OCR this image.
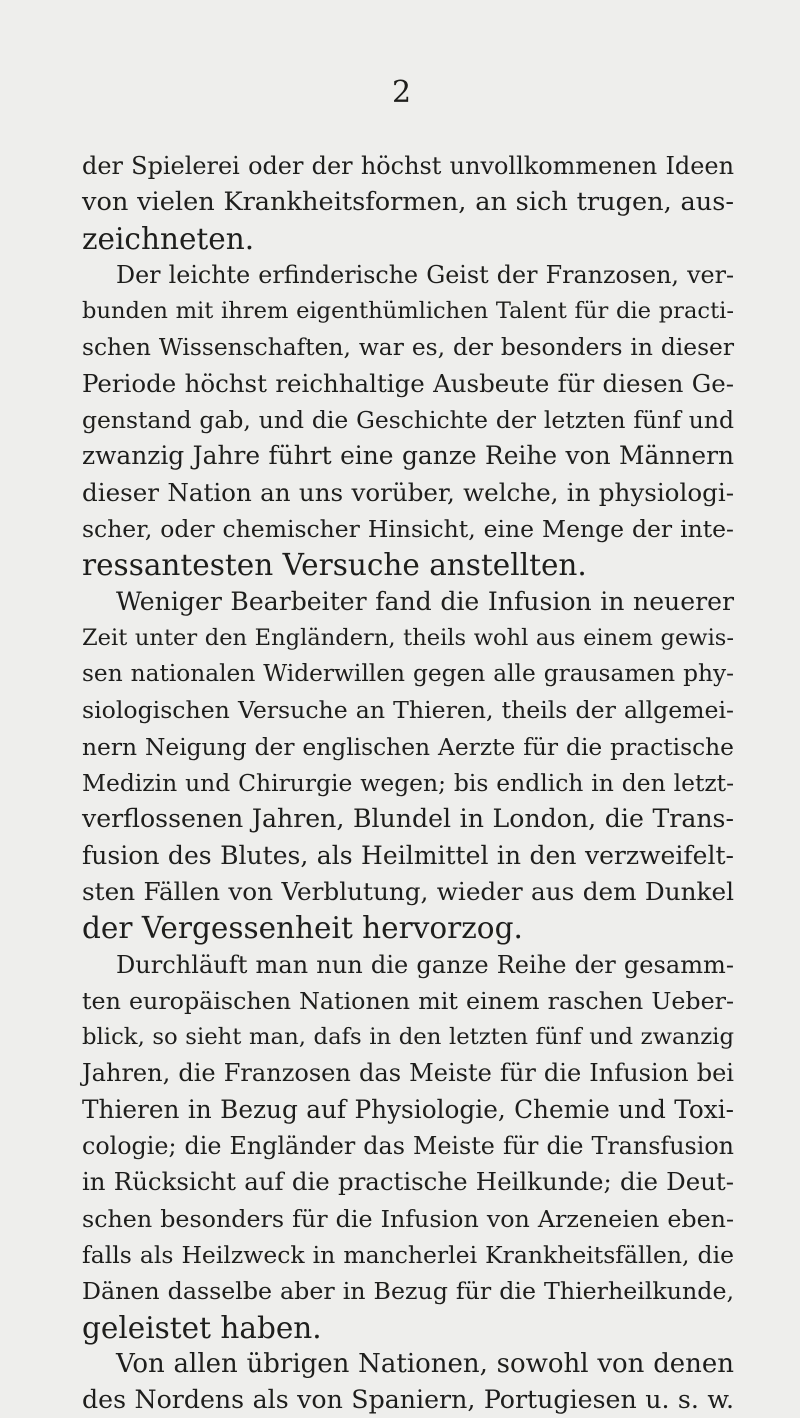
2
der Spielerei oder der höchst unvollkommenen Ideen
von vielen Krankheitsformen, an sich trugen, aus-
zeichneten.
Der leichte erfinderische Geist der Franzosen, ver-
bunden mit ihrem eigenthümlichen Talent für die practi-
schen Wissenschaften, war es, der besonders in dieser
Periode höchst reichhaltige Ausbeute für diesen Ge-
genstand gab, und die Geschichte der letzten fünf und
zwanzig Jahre führt eine ganze Reihe von Männern
dieser Nation an uns vorüber, welche, in physiologi-
scher, oder chemischer Hinsicht, eine Menge der inte-
ressantesten Versuche anstellten.
Weniger Bearbeiter fand die Infusion in neuerer
Zeit unter den Engländern, theils wohl aus einem gewis-
sen nationalen Widerwillen gegen alle grausamen phy-
siologischen Versuche an Thieren, theils der allgemei-
nern Neigung der englischen Aerzte für die practische
Medizin und Chirurgie wegen; bis endlich in den letzt-
verflossenen Jahren, Blundel in London, die Trans-
fusion des Blutes, als Heilmittel in den verzweifelt-
sten Fällen von Verblutung, wieder aus dem Dunkel
der Vergessenheit hervorzog.
Durchläuft man nun die ganze Reihe der gesamm-
ten europäischen Nationen mit einem raschen Ueber-
blick, so sieht man, dafs in den letzten fünf und zwanzig
Jahren, die Franzosen das Meiste für die Infusion bei
Thieren in Bezug auf Physiologie, Chemie und Toxi-
cologie; die Engländer das Meiste für die Transfusion
in Rücksicht auf die practische Heilkunde; die Deut-
schen besonders für die Infusion von Arzeneien eben-
falls als Heilzweck in mancherlei Krankheitsfällen, die
Dänen dasselbe aber in Bezug für die Thierheilkunde,
geleistet haben.
Von allen übrigen Nationen, sowohl von denen
des Nordens als von Spaniern, Portugiesen u. s. w.
